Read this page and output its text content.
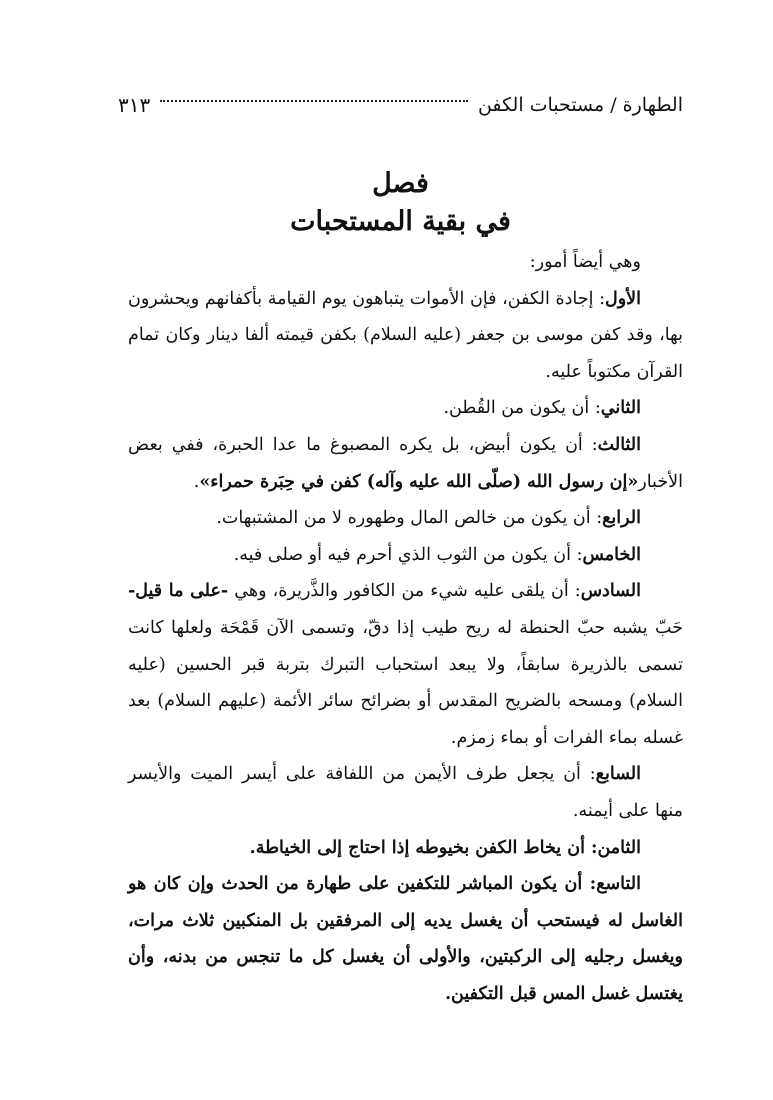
الطهارة / مستحبات الكفن
٣١٣
فصل
في بقية المستحبات

وهي أيضاً أمور:

الأول: إجادة الكفن، فإن الأموات يتباهون يوم القيامة بأكفانهم ويحشرون بها، وقد كفن موسى بن جعفر (عليه السلام) بكفن قيمته ألفا دينار وكان تمام القرآن مكتوباً عليه.

الثاني: أن يكون من القُطن.

الثالث: أن يكون أبيض، بل يكره المصبوغ ما عدا الحبرة، ففي بعض الأخبار«إن رسول الله (صلّى الله عليه وآله) كفن في حِبَرة حمراء».

الرابع: أن يكون من خالص المال وطهوره لا من المشتبهات.

الخامس: أن يكون من الثوب الذي أحرم فيه أو صلى فيه.

السادس: أن يلقى عليه شيء من الكافور والذَّريرة، وهي -على ما قيل- حَبّ يشبه حبّ الحنطة له ريح طيب إذا دقّ، وتسمى الآن قَمْحَة ولعلها كانت تسمى بالذريرة سابقاً، ولا يبعد استحباب التبرك بتربة قبر الحسين (عليه السلام) ومسحه بالضريح المقدس أو بضرائح سائر الأئمة (عليهم السلام) بعد غسله بماء الفرات أو بماء زمزم.

السابع: أن يجعل طرف الأيمن من اللفافة على أيسر الميت والأيسر منها على أيمنه.

الثامن: أن يخاط الكفن بخيوطه إذا احتاج إلى الخياطة.

التاسع: أن يكون المباشر للتكفين على طهارة من الحدث وإن كان هو الغاسل له فيستحب أن يغسل يديه إلى المرفقين بل المنكبين ثلاث مرات، ويغسل رجليه إلى الركبتين، والأولى أن يغسل كل ما تنجس من بدنه، وأن يغتسل غسل المس قبل التكفين.
